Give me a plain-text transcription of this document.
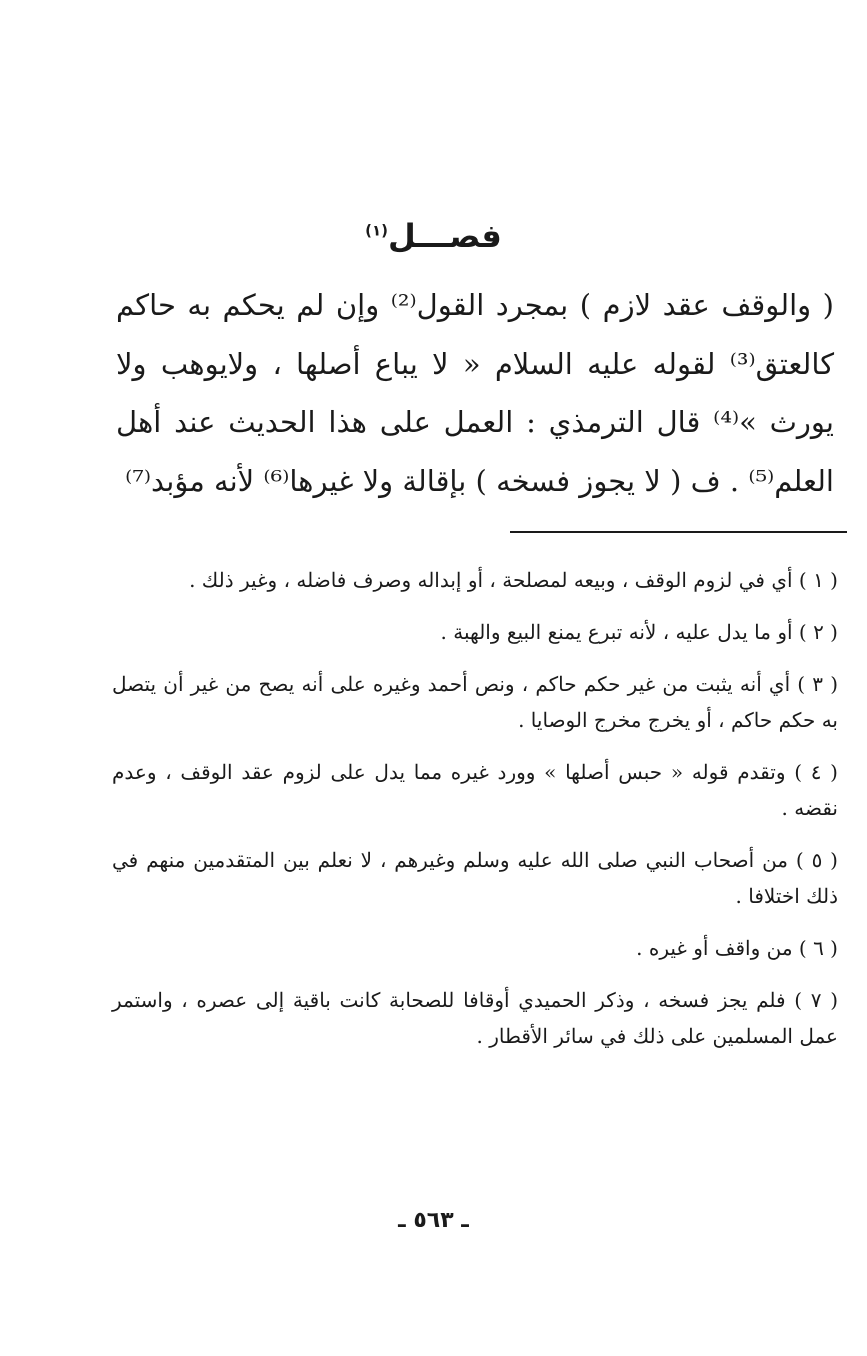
فصـــل$^{(١)}$

( والوقف عقد لازم ) بمجرد القول⁽²⁾ وإن لم يحكم به حاكم كالعتق⁽³⁾ لقوله عليه السلام « لا يباع أصلها ، ولايوهب ولا يورث »⁽⁴⁾ قال الترمذي : العمل على هذا الحديث عند أهل العلم⁽⁵⁾ . ف ( لا يجوز فسخه ) بإقالة ولا غيرها⁽⁶⁾ لأنه مؤبد⁽⁷⁾

( ١ ) أي في لزوم الوقف ، وبيعه لمصلحة ، أو إبداله وصرف فاضله ، وغير ذلك .
( ٢ ) أو ما يدل عليه ، لأنه تبرع يمنع البيع والهبة .
( ٣ ) أي أنه يثبت من غير حكم حاكم ، ونص أحمد وغيره على أنه يصح من غير أن يتصل به حكم حاكم ، أو يخرج مخرج الوصايا .
( ٤ ) وتقدم قوله « حبس أصلها » وورد غيره مما يدل على لزوم عقد الوقف ، وعدم نقضه .
( ٥ ) من أصحاب النبي صلى الله عليه وسلم وغيرهم ، لا نعلم بين المتقدمين منهم في ذلك اختلافا .
( ٦ ) من واقف أو غيره .
( ٧ ) فلم يجز فسخه ، وذكر الحميدي أوقافا للصحابة كانت باقية إلى عصره ، واستمر عمل المسلمين على ذلك في سائر الأقطار .
ـ ٥٦٣ ـ
